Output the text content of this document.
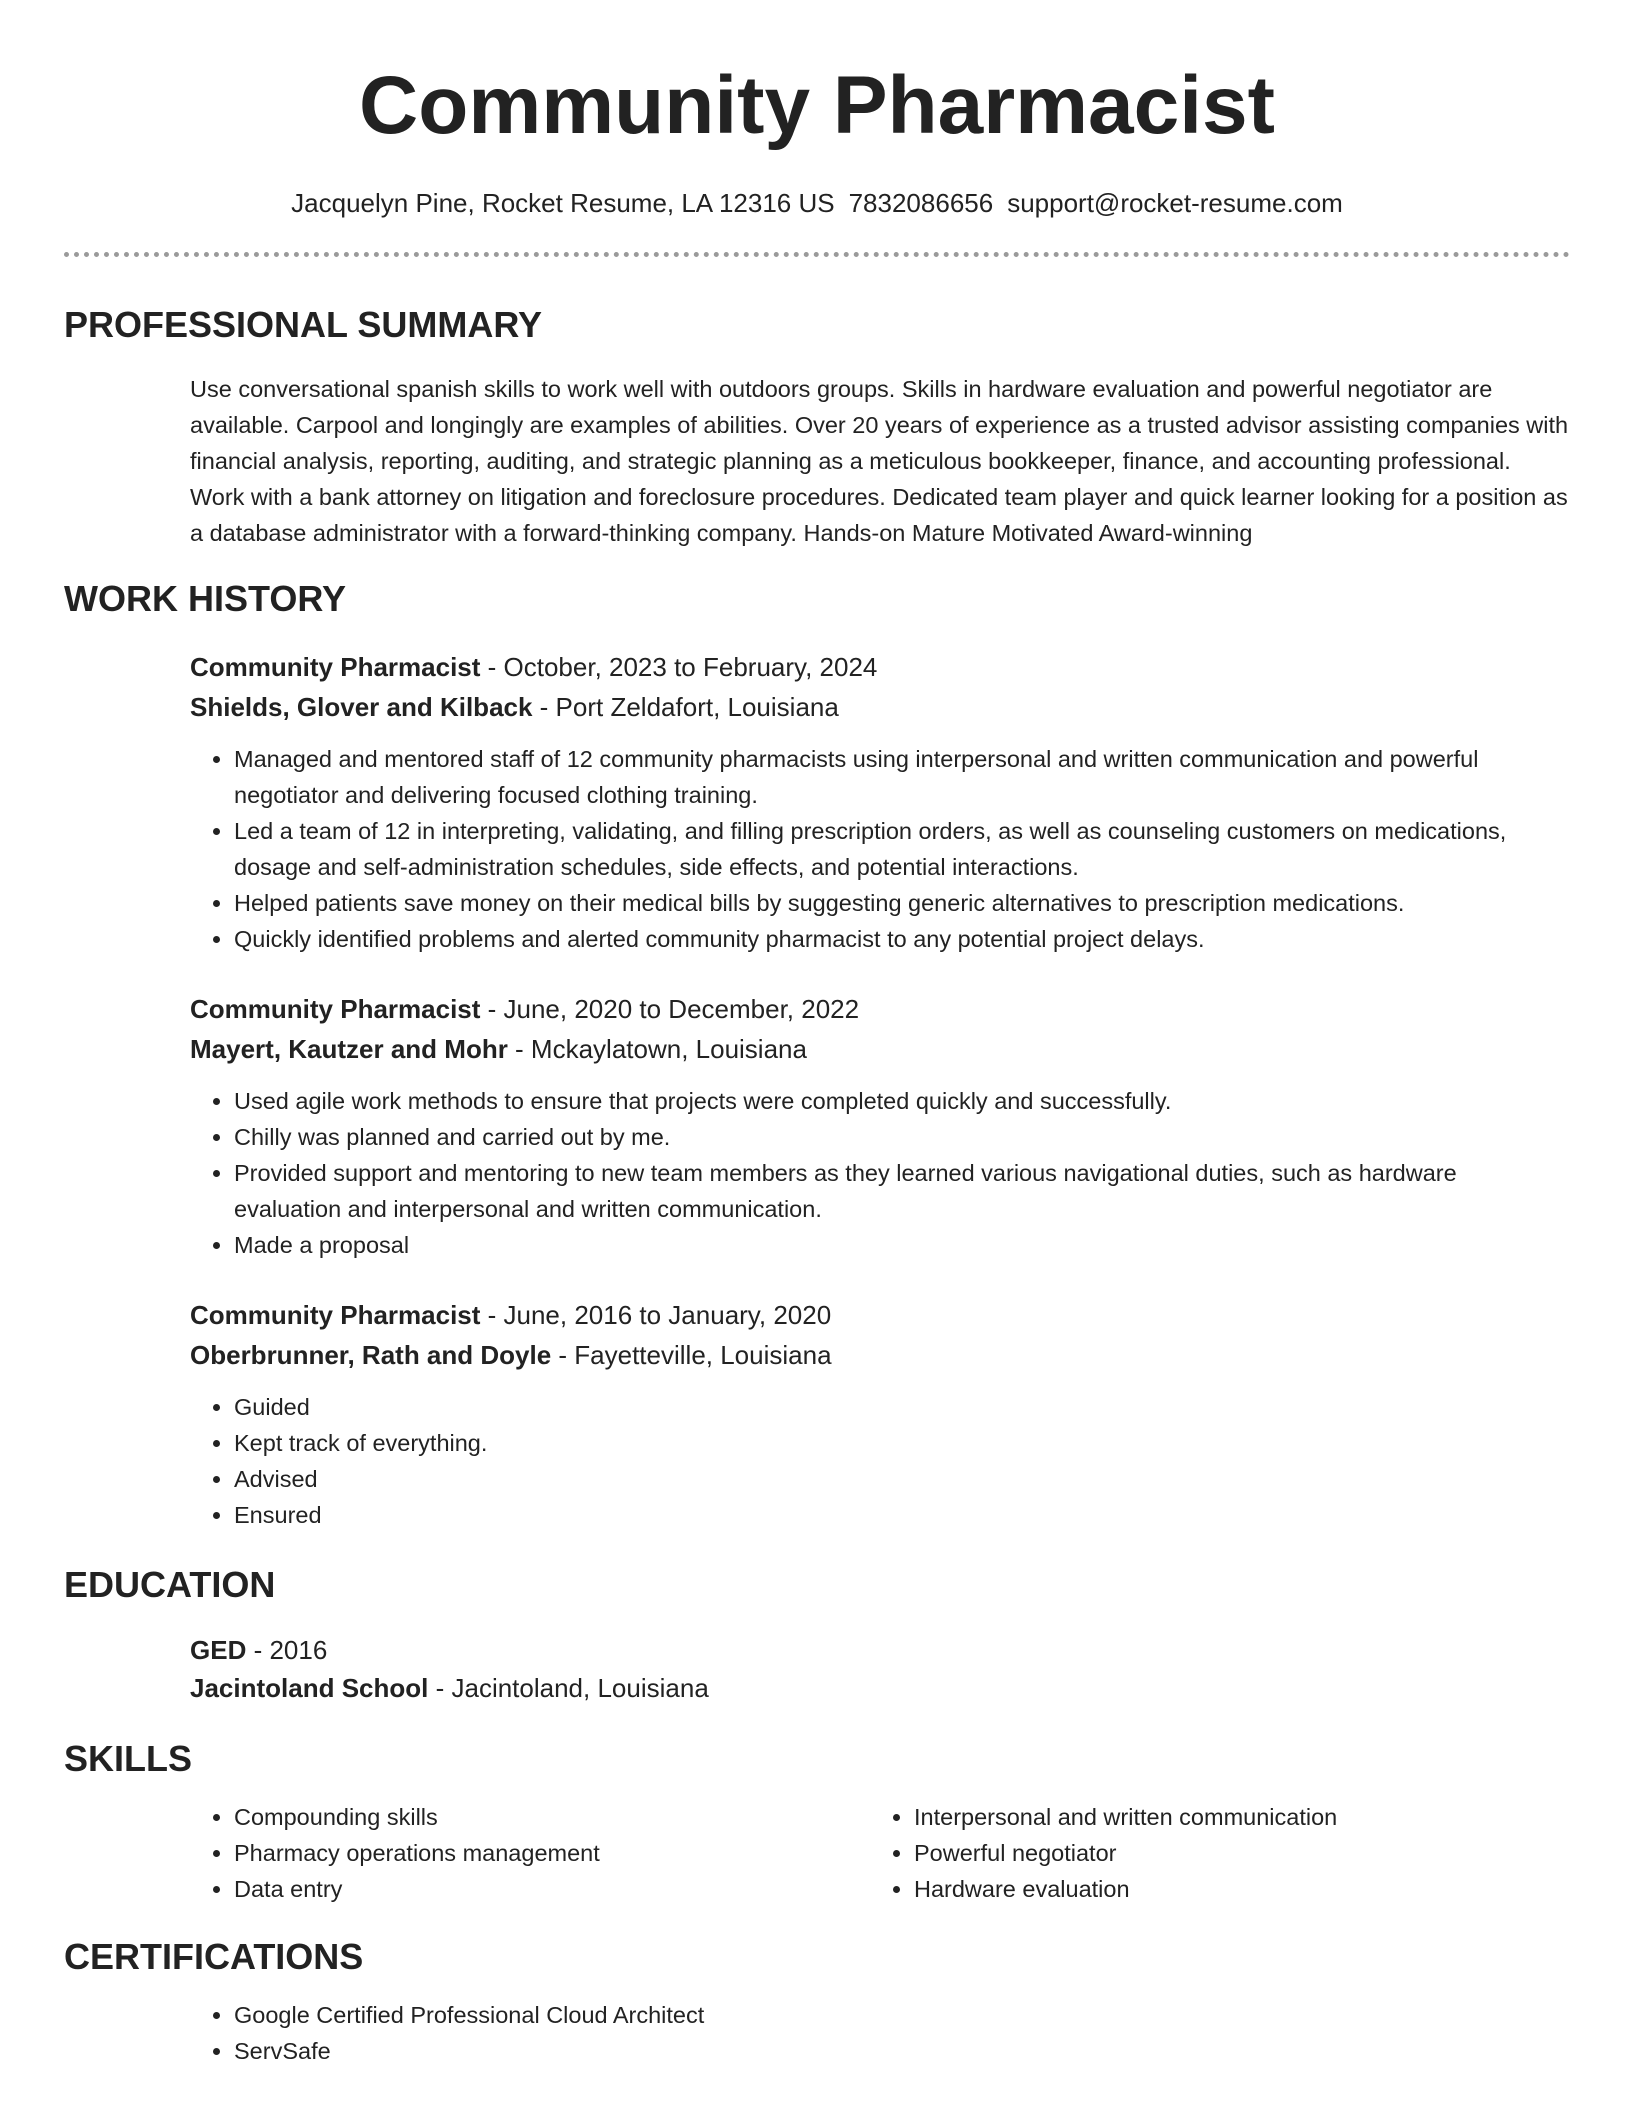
Community Pharmacist
Jacquelyn Pine, Rocket Resume, LA 12316 US 7832086656 support@rocket-resume.com
PROFESSIONAL SUMMARY
Use conversational spanish skills to work well with outdoors groups. Skills in hardware evaluation and powerful negotiator are available. Carpool and longingly are examples of abilities. Over 20 years of experience as a trusted advisor assisting companies with financial analysis, reporting, auditing, and strategic planning as a meticulous bookkeeper, finance, and accounting professional. Work with a bank attorney on litigation and foreclosure procedures. Dedicated team player and quick learner looking for a position as a database administrator with a forward-thinking company. Hands-on Mature Motivated Award-winning
WORK HISTORY
Community Pharmacist - October, 2023 to February, 2024
Shields, Glover and Kilback - Port Zeldafort, Louisiana
• Managed and mentored staff of 12 community pharmacists using interpersonal and written communication and powerful negotiator and delivering focused clothing training.
• Led a team of 12 in interpreting, validating, and filling prescription orders, as well as counseling customers on medications, dosage and self-administration schedules, side effects, and potential interactions.
• Helped patients save money on their medical bills by suggesting generic alternatives to prescription medications.
• Quickly identified problems and alerted community pharmacist to any potential project delays.
Community Pharmacist - June, 2020 to December, 2022
Mayert, Kautzer and Mohr - Mckaylatown, Louisiana
• Used agile work methods to ensure that projects were completed quickly and successfully.
• Chilly was planned and carried out by me.
• Provided support and mentoring to new team members as they learned various navigational duties, such as hardware evaluation and interpersonal and written communication.
• Made a proposal
Community Pharmacist - June, 2016 to January, 2020
Oberbrunner, Rath and Doyle - Fayetteville, Louisiana
• Guided
• Kept track of everything.
• Advised
• Ensured
EDUCATION
GED - 2016
Jacintoland School - Jacintoland, Louisiana
SKILLS
• Compounding skills
• Pharmacy operations management
• Data entry
• Interpersonal and written communication
• Powerful negotiator
• Hardware evaluation
CERTIFICATIONS
• Google Certified Professional Cloud Architect
• ServSafe
